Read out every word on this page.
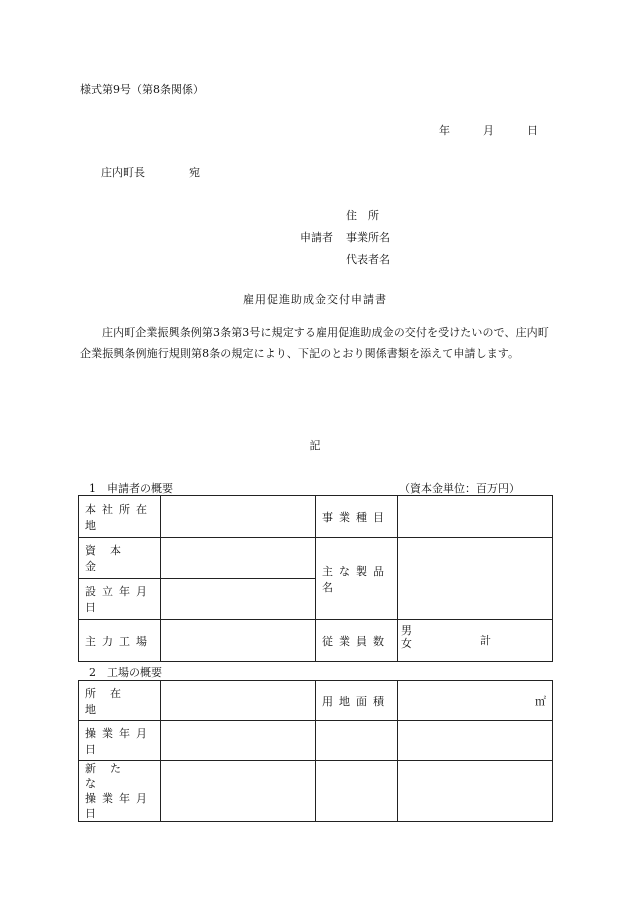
様式第9号（第8条関係）
年	月	日
庄内町長	宛
住　所
申請者 事業所名
代表者名
雇用促進助成金交付申請書
庄内町企業振興条例第3条第3号に規定する雇用促進助成金の交付を受けたいので、庄内町企業振興条例施行規則第8条の規定により、下記のとおり関係書類を添えて申請します。
記
1　申請者の概要	（資本金単位：百万円）
本社所在地		事業種目	
資本金		主な製品名	
設立年月日			
主力工場		従業員数	男
女 計
2　工場の概要
所在地		用地面積	㎡
操業年月日			
新たな
操業年月日			
